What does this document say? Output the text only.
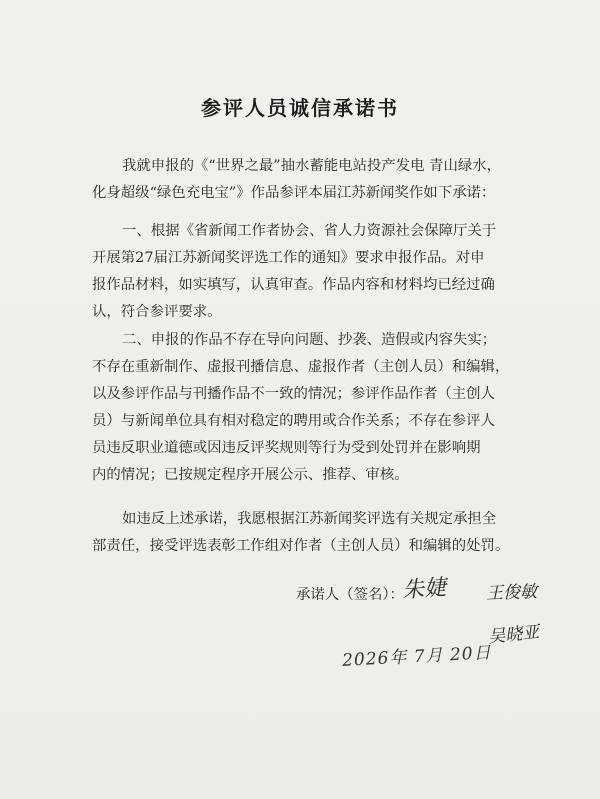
参评人员诚信承诺书
我就申报的《“世界之最”抽水蓄能电站投产发电 青山绿水，
化身超级“绿色充电宝”》作品参评本届江苏新闻奖作如下承诺：
一、根据《省新闻工作者协会、省人力资源社会保障厅关于
开展第27届江苏新闻奖评选工作的通知》要求申报作品。对申
报作品材料，如实填写，认真审查。作品内容和材料均已经过确
认，符合参评要求。
二、申报的作品不存在导向问题、抄袭、造假或内容失实；
不存在重新制作、虚报刊播信息、虚报作者（主创人员）和编辑，
以及参评作品与刊播作品不一致的情况；参评作品作者（主创人
员）与新闻单位具有相对稳定的聘用或合作关系；不存在参评人
员违反职业道德或因违反评奖规则等行为受到处罚并在影响期
内的情况；已按规定程序开展公示、推荐、审核。
如违反上述承诺，我愿根据江苏新闻奖评选有关规定承担全
部责任，接受评选表彰工作组对作者（主创人员）和编辑的处罚。
承诺人（签名）：
朱婕 王俊敏
吴晓亚
2026年 7月 20日
